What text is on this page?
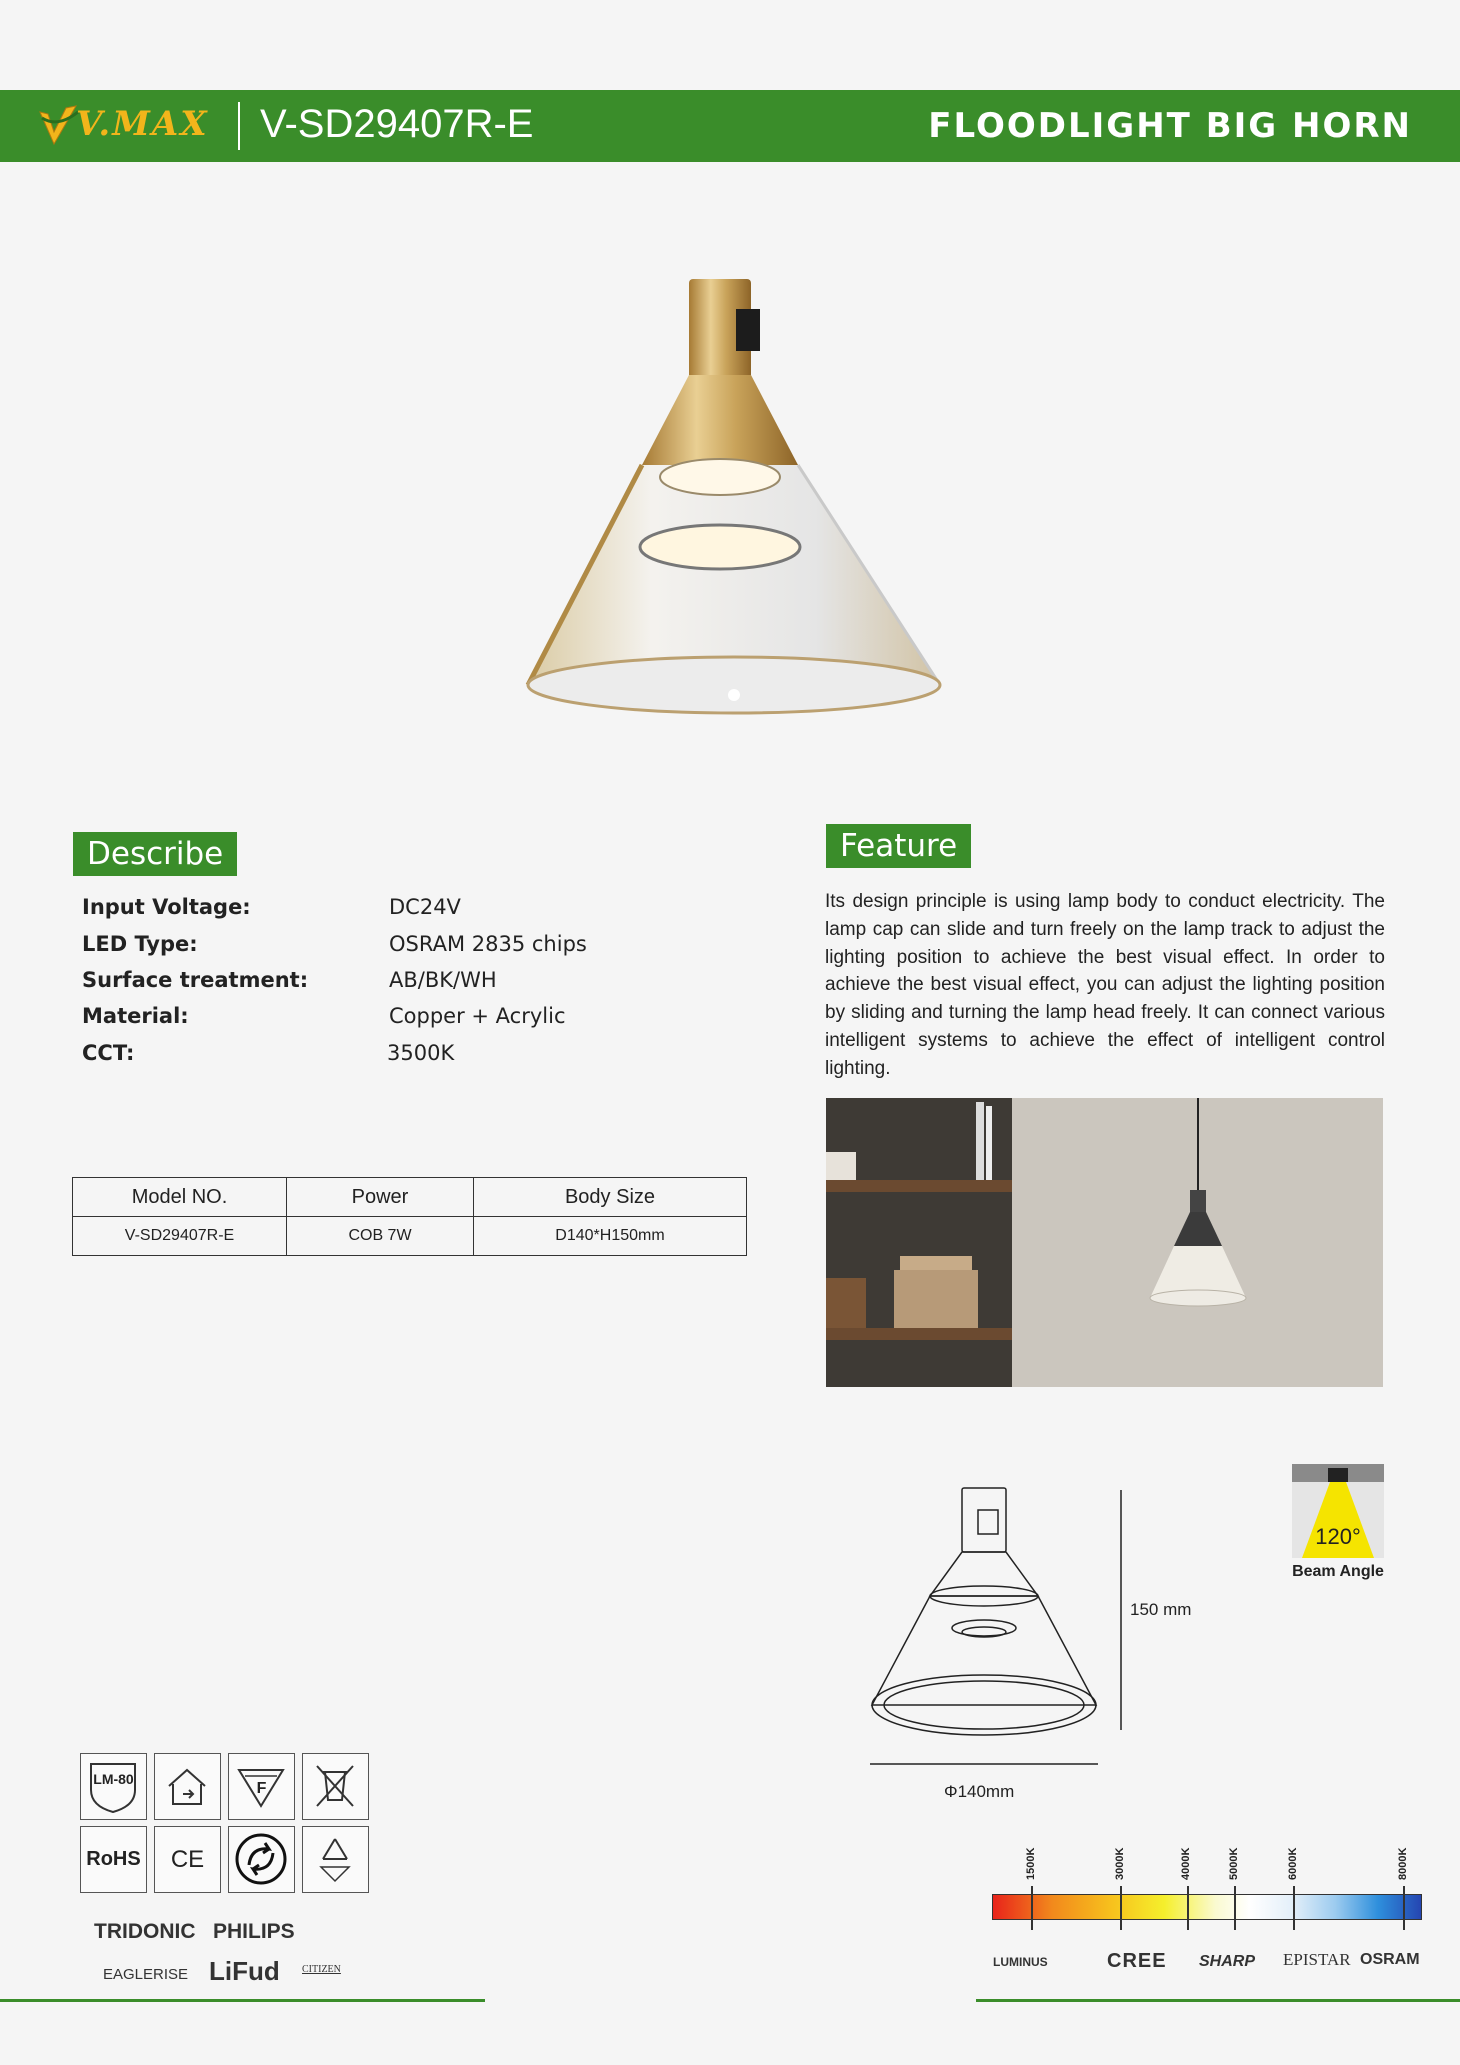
V.MAX V-SD29407R-E	FLOODLIGHT BIG HORN
Describe
Input Voltage:	DC24V
LED Type:	OSRAM 2835 chips
Surface treatment:	AB/BK/WH
Material:	Copper + Acrylic
CCT:	3500K
Feature
Its design principle is using lamp body to conduct electricity. The lamp cap can slide and turn freely on the lamp track to adjust the lighting position to achieve the best visual effect. In order to achieve the best visual effect, you can adjust the lighting position by sliding and turning the lamp head freely. It can connect various intelligent systems to achieve the effect of intelligent control lighting.
Model NO.	Power	Body Size
V-SD29407R-E	COB 7W	D140*H150mm
150 mm
Φ140mm
120°
Beam Angle
LM-80
F
RoHS	CE
TRIDONIC PHILIPS
EAGLERISE LiFud CITIZEN
1500K	3000K	4000K	5000K	6000K	8000K
LUMINUS	CREE SHARP EPISTAR OSRAM
